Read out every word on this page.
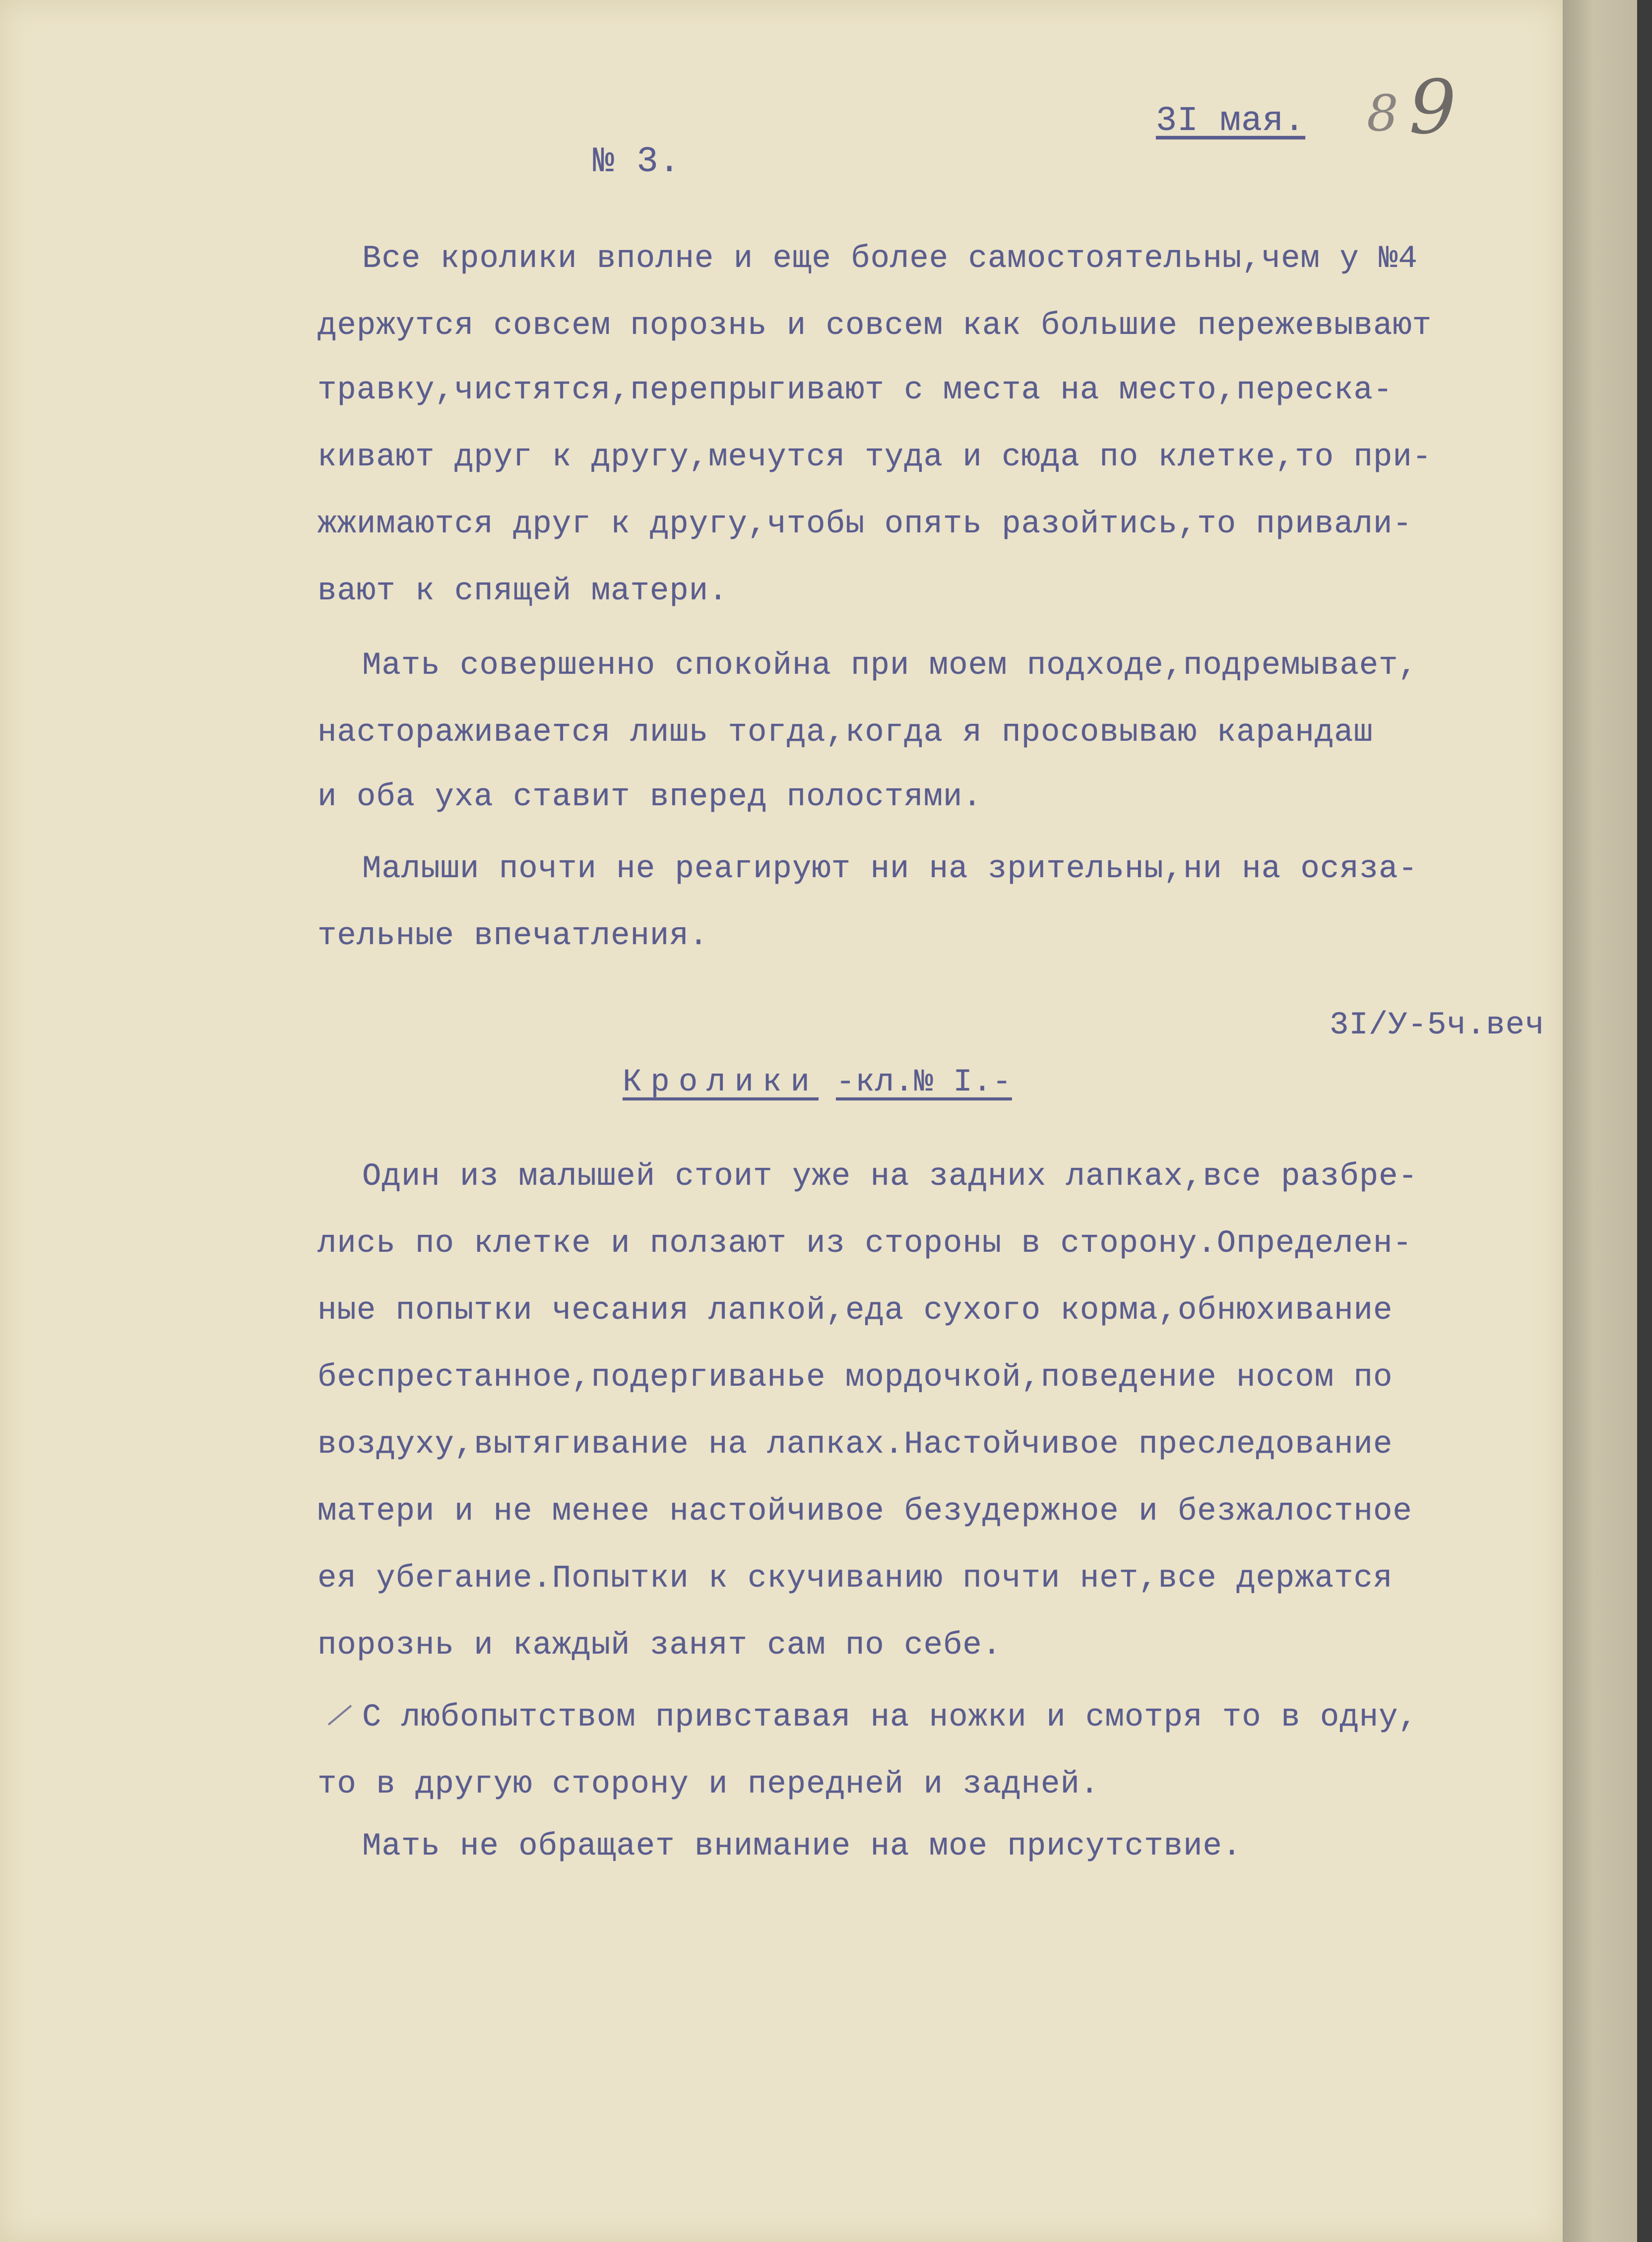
3I мая.
№ 3.
8 9
Все кролики вполне и еще более самостоятельны,чем у №4
держутся совсем порознь и совсем как большие пережевывают
травку,чистятся,перепрыгивают с места на место,переска-
кивают друг к другу,мечутся туда и сюда по клетке,то при-
жжимаются друг к другу,чтобы опять разойтись,то привали-
вают к спящей матери.
Мать совершенно спокойна при моем подходе,подремывает,
настораживается лишь тогда,когда я просовываю карандаш
и оба уха ставит вперед полостями.
Малыши почти не реагируют ни на зрительны,ни на осяза-
тельные впечатления.
Один из малышей стоит уже на задних лапках,все разбре-
лись по клетке и ползают из стороны в сторону.Определен-
ные попытки чесания лапкой,еда сухого корма,обнюхивание
беспрестанное,подергиванье мордочкой,поведение носом по
воздуху,вытягивание на лапках.Настойчивое преследование
матери и не менее настойчивое безудержное и безжалостное
ея убегание.Попытки к скучиванию почти нет,все держатся
порознь и каждый занят сам по себе.
С любопытством привставая на ножки и смотря то в одну,
то в другую сторону и передней и задней.
Мать не обращает внимание на мое присутствие.
3I/У-5ч.веч
Кролики -кл.№ I.-
